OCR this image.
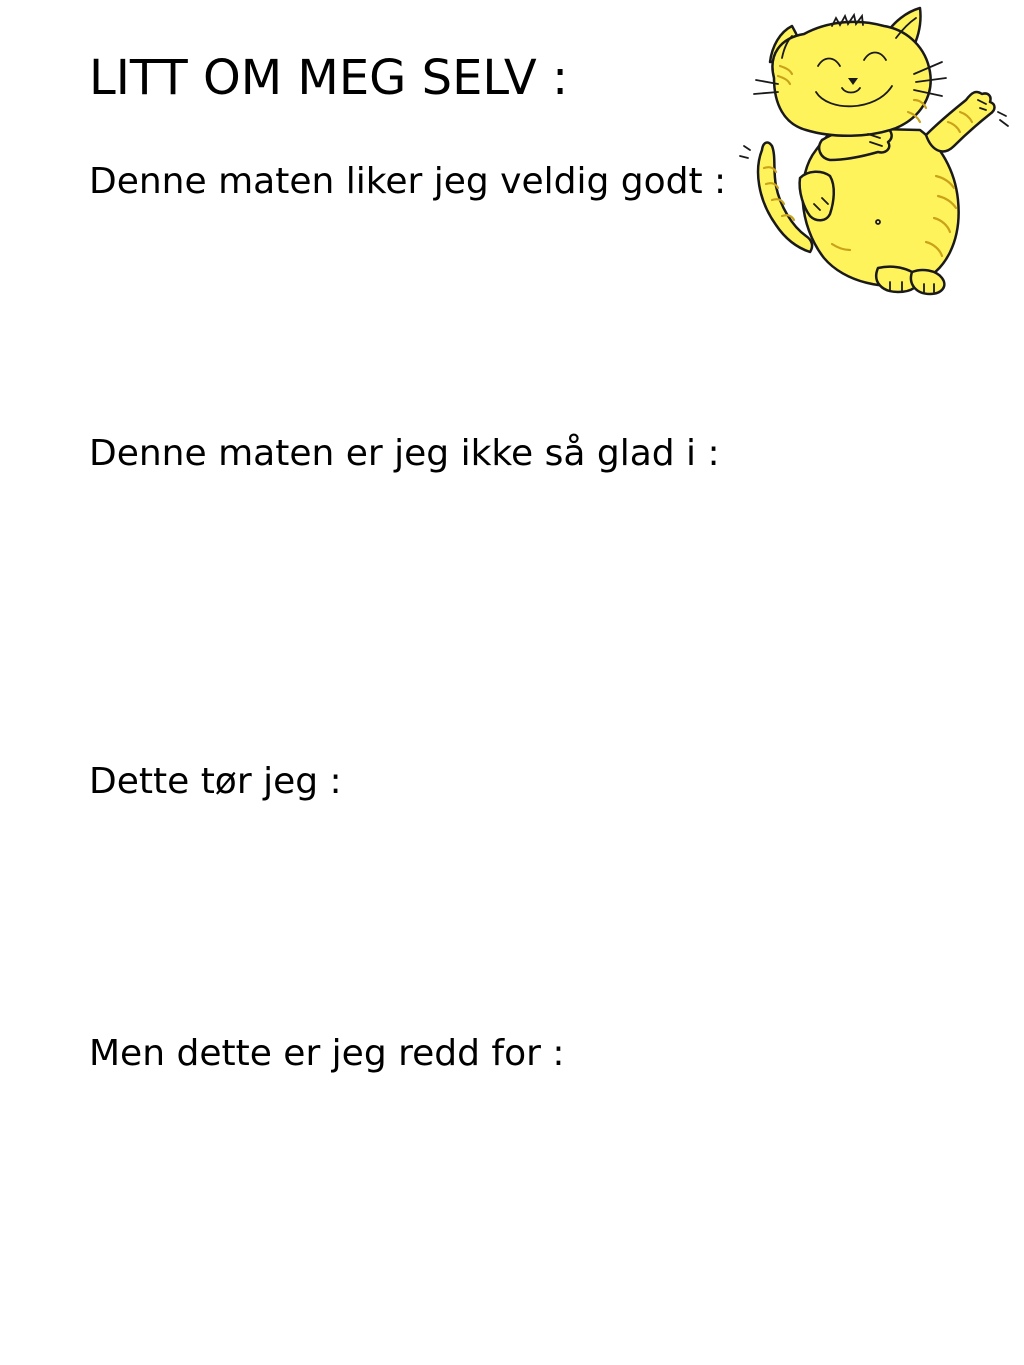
LITT OM MEG SELV :

Denne maten liker jeg veldig godt :

Denne maten er jeg ikke så glad i :

Dette tør jeg :

Men dette er jeg redd for :
